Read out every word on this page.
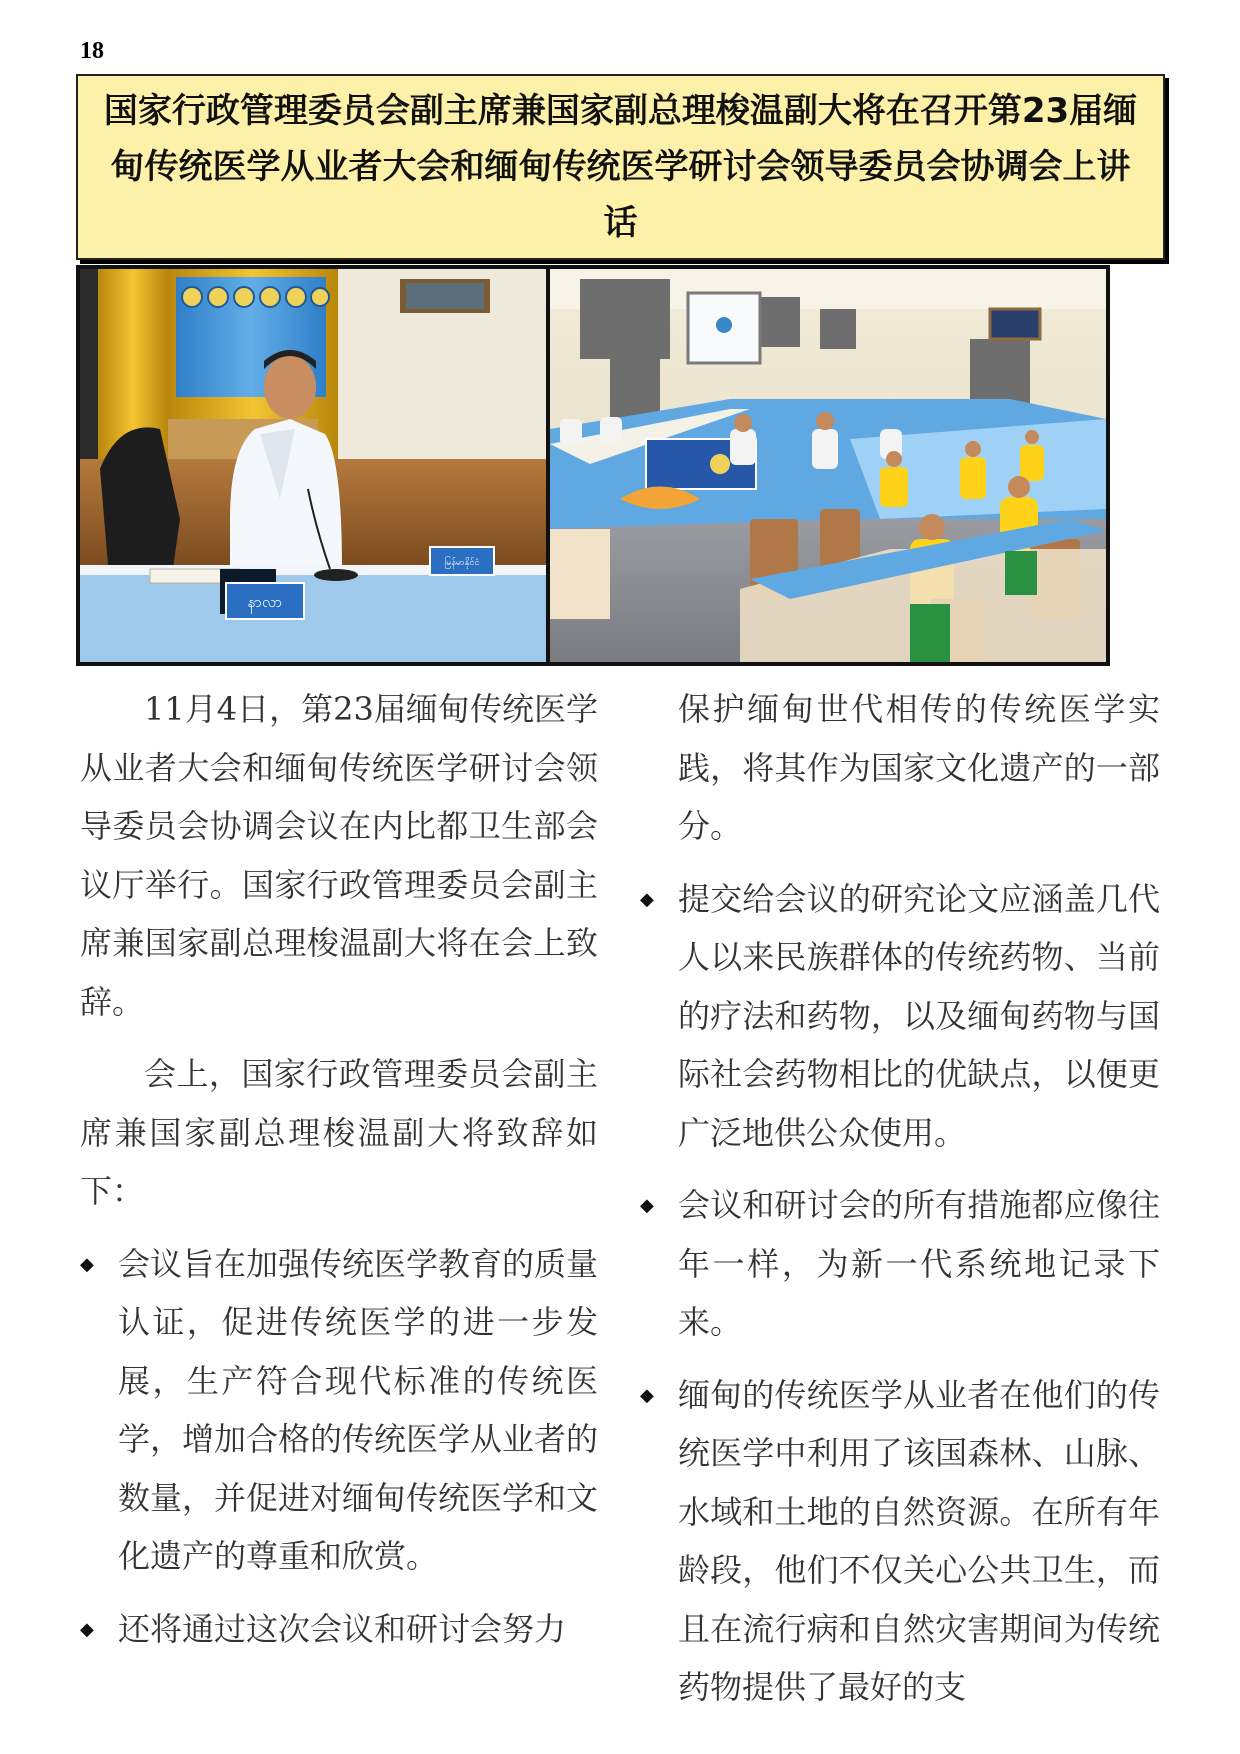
18
国家行政管理委员会副主席兼国家副总理梭温副大将在召开第23届缅甸传统医学从业者大会和缅甸传统医学研讨会领导委员会协调会上讲话
နာလာ
မြန်မာနိုင်ငံ

11月4日，第23届缅甸传统医学从业者大会和缅甸传统医学研讨会领导委员会协调会议在内比都卫生部会议厅举行。国家行政管理委员会副主席兼国家副总理梭温副大将在会上致辞。

会上，国家行政管理委员会副主席兼国家副总理梭温副大将致辞如下：

◆ 会议旨在加强传统医学教育的质量认证，促进传统医学的进一步发展，生产符合现代标准的传统医学，增加合格的传统医学从业者的数量，并促进对缅甸传统医学和文化遗产的尊重和欣赏。
◆ 还将通过这次会议和研讨会努力
保护缅甸世代相传的传统医学实践，将其作为国家文化遗产的一部分。
◆ 提交给会议的研究论文应涵盖几代人以来民族群体的传统药物、当前的疗法和药物，以及缅甸药物与国际社会药物相比的优缺点，以便更广泛地供公众使用。
◆ 会议和研讨会的所有措施都应像往年一样，为新一代系统地记录下来。
◆ 缅甸的传统医学从业者在他们的传统医学中利用了该国森林、山脉、水域和土地的自然资源。在所有年龄段，他们不仅关心公共卫生，而且在流行病和自然灾害期间为传统药物提供了最好的支
